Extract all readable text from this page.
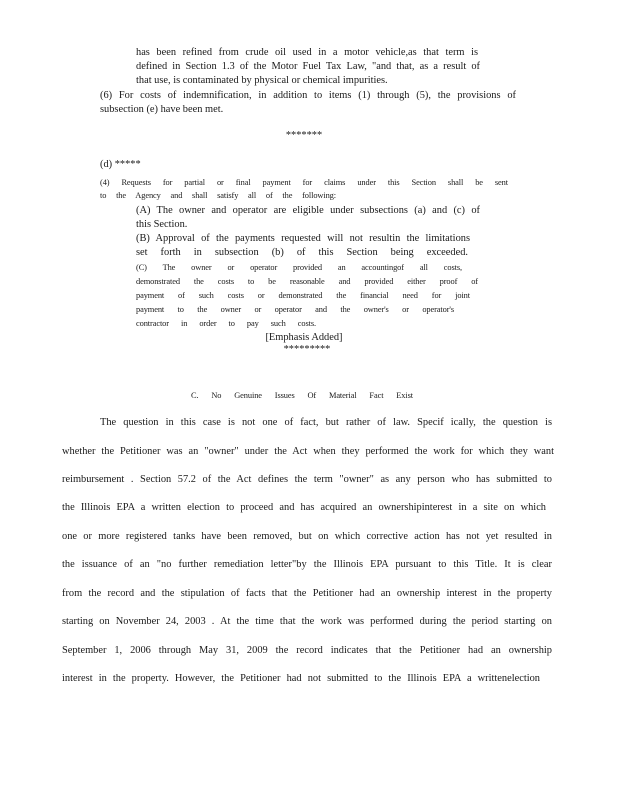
has been refined from crude oil used in a motor vehicle,as that term is

defined in Section 1.3 of the Motor Fuel Tax Law, "and that, as a result of

that use, is contaminated by physical or chemical impurities.

(6) For costs of indemnification, in addition to items (1) through (5), the provisions of

subsection (e) have been met.

*******

(d) *****

(4) Requests for partial or final payment for claims under this Section shall be sent

to the Agency and shall satisfy all of the following:

(A) The owner and operator are eligible under subsections (a) and (c) of

this Section.

(B) Approval of the payments requested will not resultin the limitations

set forth in subsection (b) of this Section being exceeded.

(C) The owner or operator provided an accountingof all costs,

demonstrated the costs to be reasonable and provided either proof of

payment of such costs or demonstrated the financial need for joint

payment to the owner or operator and the owner's or operator's

contractor in order to pay such costs.

[Emphasis Added]

*********

C. No Genuine Issues Of Material Fact Exist

The question in this case is not one of fact, but rather of law. Specif ically, the question is

whether the Petitioner was an "owner" under the Act when they performed the work for which they want

reimbursement . Section 57.2 of the Act defines the term "owner" as any person who has submitted to

the Illinois EPA a written election to proceed and has acquired an ownershipinterest in a site on which

one or more registered tanks have been removed, but on which corrective action has not yet resulted in

the issuance of an "no further remediation letter"by the Illinois EPA pursuant to this Title. It is clear

from the record and the stipulation of facts that the Petitioner had an ownership interest in the property

starting on November 24, 2003 . At the time that the work was performed during the period starting on

September 1, 2006 through May 31, 2009 the record indicates that the Petitioner had an ownership

interest in the property. However, the Petitioner had not submitted to the Illinois EPA a writtenelection
